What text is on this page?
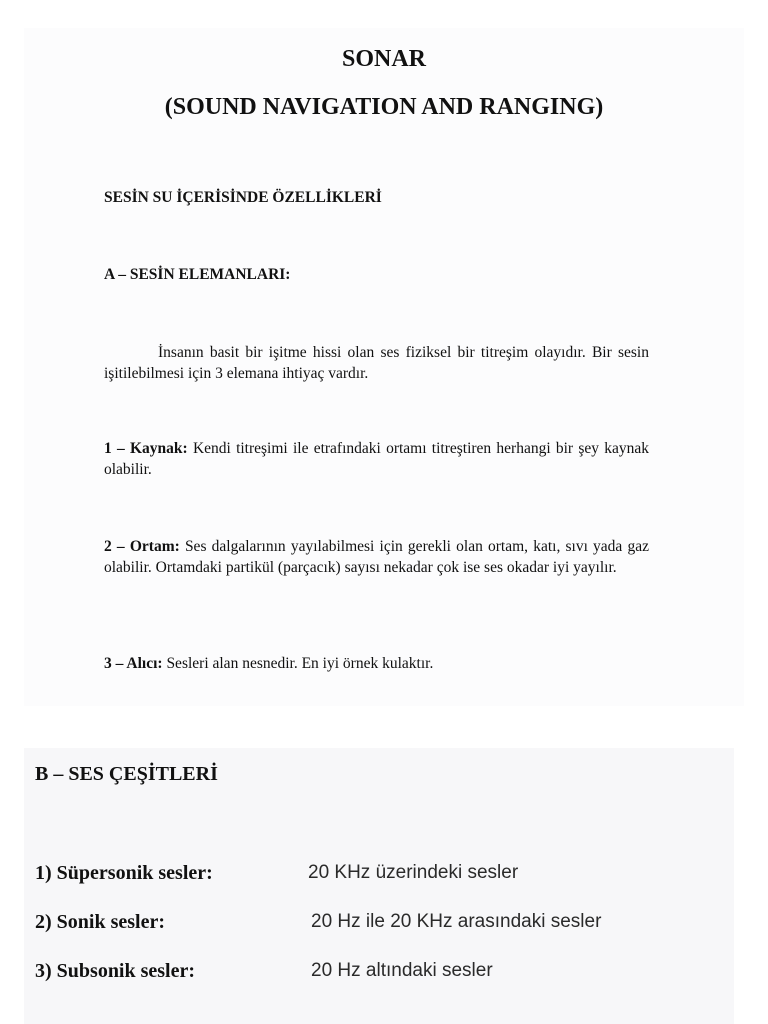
SONAR
(SOUND NAVIGATION AND RANGING)
SESİN SU İÇERİSİNDE ÖZELLİKLERİ
A – SESİN ELEMANLARI:

İnsanın basit bir işitme hissi olan ses fiziksel bir titreşim olayıdır. Bir sesin işitilebilmesi için 3 elemana ihtiyaç vardır.

1 – Kaynak: Kendi titreşimi ile etrafındaki ortamı titreştiren herhangi bir şey kaynak olabilir.

2 – Ortam: Ses dalgalarının yayılabilmesi için gerekli olan ortam, katı, sıvı yada gaz olabilir. Ortamdaki partikül (parçacık) sayısı nekadar çok ise ses okadar iyi yayılır.

3 – Alıcı: Sesleri alan nesnedir. En iyi örnek kulaktır.

B – SES ÇEŞİTLERİ
1) Süpersonik sesler:	20 KHz üzerindeki sesler
2) Sonik sesler:	20 Hz ile 20 KHz arasındaki sesler
3) Subsonik sesler:	20 Hz altındaki sesler
